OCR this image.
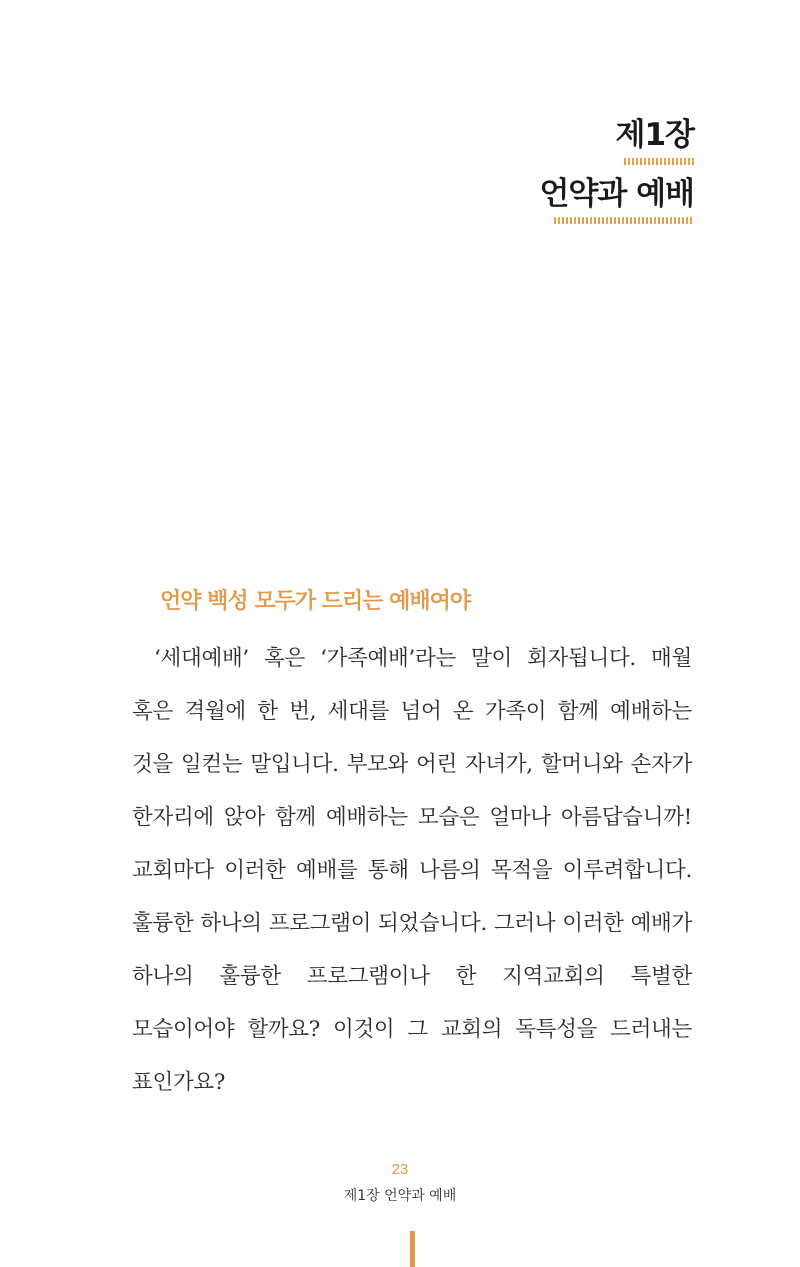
제1장
언약과 예배
언약 백성 모두가 드리는 예배여야

‘세대예배’ 혹은 ‘가족예배’라는 말이 회자됩니다. 매월 혹은 격월에 한 번, 세대를 넘어 온 가족이 함께 예배하는 것을 일컫는 말입니다. 부모와 어린 자녀가, 할머니와 손자가 한자리에 앉아 함께 예배하는 모습은 얼마나 아름답습니까! 교회마다 이러한 예배를 통해 나름의 목적을 이루려합니다. 훌륭한 하나의 프로그램이 되었습니다. 그러나 이러한 예배가 하나의 훌륭한 프로그램이나 한 지역교회의 특별한 모습이어야 할까요? 이것이 그 교회의 독특성을 드러내는 표인가요?

23
제1장 언약과 예배
